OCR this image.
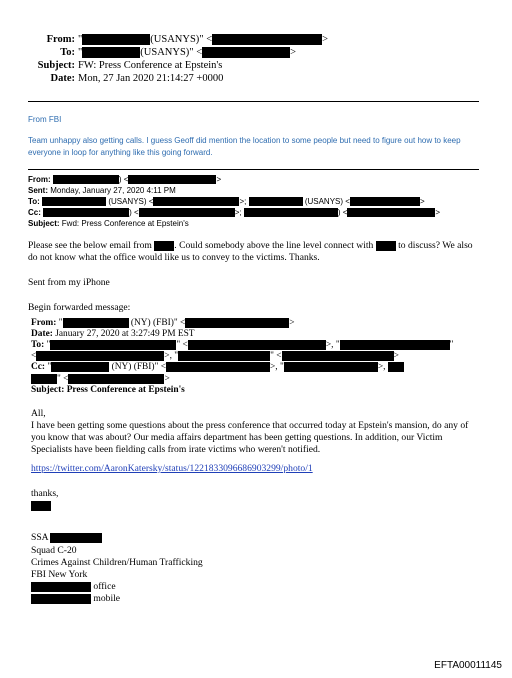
From: "	(USANYS)" <	>
To: "	(USANYS)" <	>
Subject: FW: Press Conference at Epstein's
Date: Mon, 27 Jan 2020 21:14:27 +0000
From FBI
Team unhappy also getting calls. I guess Geoff did mention the location to some people but need to figure out how to keep everyone in loop for anything like this going forward.
From:	) <	>
Sent: Monday, January 27, 2020 4:11 PM
To:	(USANYS) <	>;	(USANYS) <	>
Cc:	) <	>;	) <	>
Subject: Fwd: Press Conference at Epstein's
Please see the below email from . Could somebody above the line level connect with	to discuss? We also do not know what the office would like us to convey to the victims. Thanks.
Sent from my iPhone
Begin forwarded message:
From: "	(NY) (FBI)" <	>
Date: January 27, 2020 at 3:27:49 PM EST
To: "	" <	>, "	"
<	>, "	" <	>
Cc: "	(NY) (FBI)" <	>, "	>,
" <	>
Subject: Press Conference at Epstein's
All,
I have been getting some questions about the press conference that occurred today at Epstein's mansion, do any of you know that was about? Our media affairs department has been getting questions. In addition, our Victim Specialists have been fielding calls from irate victims who weren't notified.
https://twitter.com/AaronKatersky/status/1221833096686903299/photo/1
thanks,
SSA
Squad C-20
Crimes Against Children/Human Trafficking
FBI New York
office
mobile
EFTA00011145
